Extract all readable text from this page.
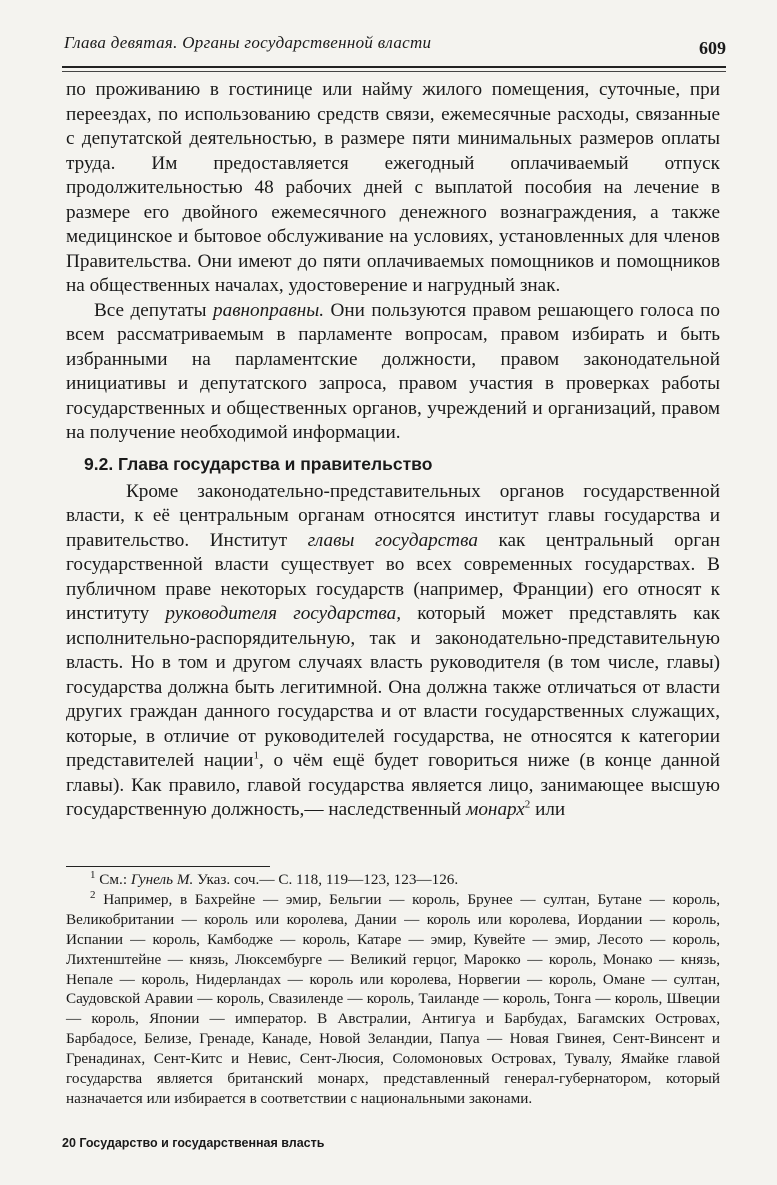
Глава девятая. Органы государственной власти	609

по проживанию в гостинице или найму жилого помещения, суточные, при переездах, по использованию средств связи, ежемесячные расходы, связанные с депутатской деятельностью, в размере пяти минимальных размеров оплаты труда. Им предоставляется ежегодный оплачиваемый отпуск продолжительностью 48 рабочих дней с выплатой пособия на лечение в размере его двойного ежемесячного денежного вознаграждения, а также медицинское и бытовое обслуживание на условиях, установленных для членов Правительства. Они имеют до пяти оплачиваемых помощников и помощников на общественных началах, удостоверение и нагрудный знак.

Все депутаты равноправны. Они пользуются правом решающего голоса по всем рассматриваемым в парламенте вопросам, правом избирать и быть избранными на парламентские должности, правом законодательной инициативы и депутатского запроса, правом участия в проверках работы государственных и общественных органов, учреждений и организаций, правом на получение необходимой информации.

9.2. Глава государства и правительство

Кроме законодательно-представительных органов государственной власти, к её центральным органам относятся институт главы государства и правительство. Институт главы государства как центральный орган государственной власти существует во всех современных государствах. В публичном праве некоторых государств (например, Франции) его относят к институту руководителя государства, который может представлять как исполнительно-распорядительную, так и законодательно-представительную власть. Но в том и другом случаях власть руководителя (в том числе, главы) государства должна быть легитимной. Она должна также отличаться от власти других граждан данного государства и от власти государственных служащих, которые, в отличие от руководителей государства, не относятся к категории представителей нации$^1$, о чём ещё будет говориться ниже (в конце данной главы). Как правило, главой государства является лицо, занимающее высшую государственную должность,— наследственный монарх$^2$ или

$^1$ См.: Гунель М. Указ. соч.— С. 118, 119—123, 123—126.

$^2$ Например, в Бахрейне — эмир, Бельгии — король, Брунее — султан, Бутане — король, Великобритании — король или королева, Дании — король или королева, Иордании — король, Испании — король, Камбодже — король, Катаре — эмир, Кувейте — эмир, Лесото — король, Лихтенштейне — князь, Люксембурге — Великий герцог, Марокко — король, Монако — князь, Непале — король, Нидерландах — король или королева, Норвегии — король, Омане — султан, Саудовской Аравии — король, Свазиленде — король, Таиланде — король, Тонга — король, Швеции — король, Японии — император. В Австралии, Антигуа и Барбудах, Багамских Островах, Барбадосе, Белизе, Гренаде, Канаде, Новой Зеландии, Папуа — Новая Гвинея, Сент-Винсент и Гренадинах, Сент-Китс и Невис, Сент-Люсия, Соломоновых Островах, Тувалу, Ямайке главой государства является британский монарх, представленный генерал-губернатором, который назначается или избирается в соответствии с национальными законами.

20 Государство и государственная власть
